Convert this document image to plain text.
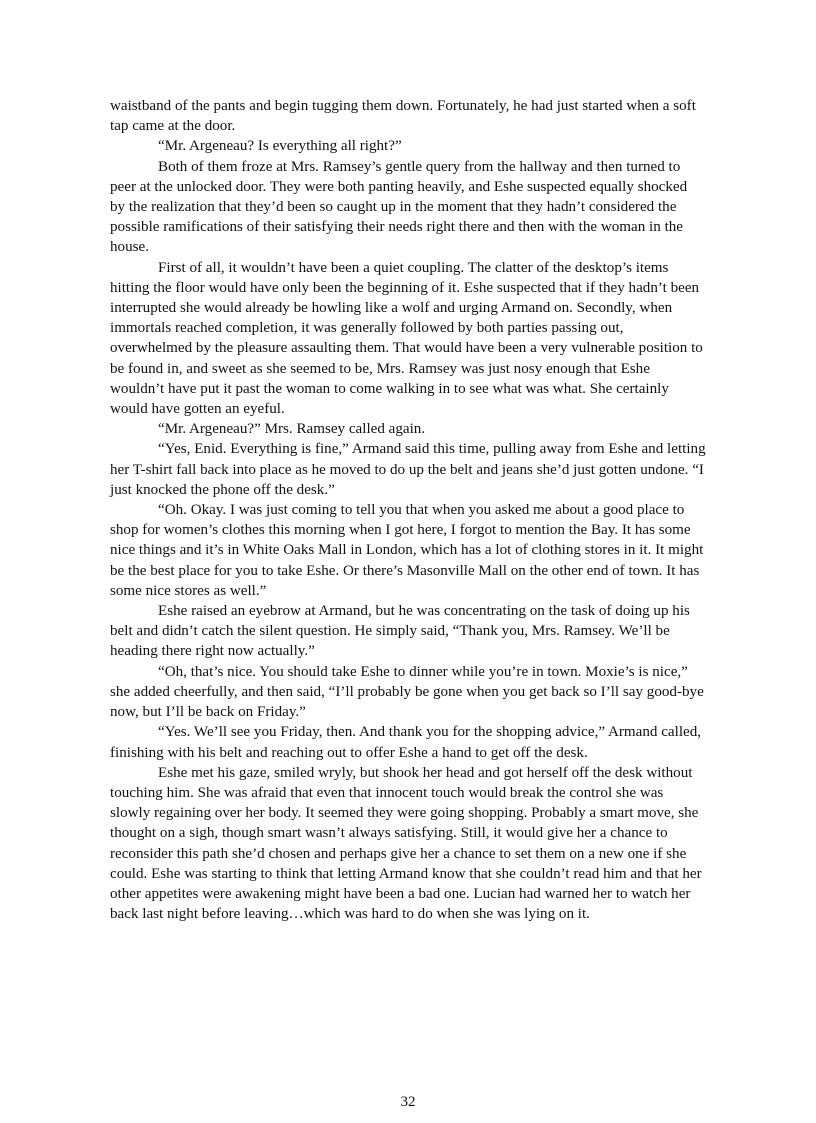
waistband of the pants and begin tugging them down. Fortunately, he had just started when a soft tap came at the door.

“Mr. Argeneau? Is everything all right?”

Both of them froze at Mrs. Ramsey’s gentle query from the hallway and then turned to peer at the unlocked door. They were both panting heavily, and Eshe suspected equally shocked by the realization that they’d been so caught up in the moment that they hadn’t considered the possible ramifications of their satisfying their needs right there and then with the woman in the house.

First of all, it wouldn’t have been a quiet coupling. The clatter of the desktop’s items hitting the floor would have only been the beginning of it. Eshe suspected that if they hadn’t been interrupted she would already be howling like a wolf and urging Armand on. Secondly, when immortals reached completion, it was generally followed by both parties passing out, overwhelmed by the pleasure assaulting them. That would have been a very vulnerable position to be found in, and sweet as she seemed to be, Mrs. Ramsey was just nosy enough that Eshe wouldn’t have put it past the woman to come walking in to see what was what. She certainly would have gotten an eyeful.

“Mr. Argeneau?” Mrs. Ramsey called again.

“Yes, Enid. Everything is fine,” Armand said this time, pulling away from Eshe and letting her T-shirt fall back into place as he moved to do up the belt and jeans she’d just gotten undone. “I just knocked the phone off the desk.”

“Oh. Okay. I was just coming to tell you that when you asked me about a good place to shop for women’s clothes this morning when I got here, I forgot to mention the Bay. It has some nice things and it’s in White Oaks Mall in London, which has a lot of clothing stores in it. It might be the best place for you to take Eshe. Or there’s Masonville Mall on the other end of town. It has some nice stores as well.”

Eshe raised an eyebrow at Armand, but he was concentrating on the task of doing up his belt and didn’t catch the silent question. He simply said, “Thank you, Mrs. Ramsey. We’ll be heading there right now actually.”

“Oh, that’s nice. You should take Eshe to dinner while you’re in town. Moxie’s is nice,” she added cheerfully, and then said, “I’ll probably be gone when you get back so I’ll say good-bye now, but I’ll be back on Friday.”

“Yes. We’ll see you Friday, then. And thank you for the shopping advice,” Armand called, finishing with his belt and reaching out to offer Eshe a hand to get off the desk.

Eshe met his gaze, smiled wryly, but shook her head and got herself off the desk without touching him. She was afraid that even that innocent touch would break the control she was slowly regaining over her body. It seemed they were going shopping. Probably a smart move, she thought on a sigh, though smart wasn’t always satisfying. Still, it would give her a chance to reconsider this path she’d chosen and perhaps give her a chance to set them on a new one if she could. Eshe was starting to think that letting Armand know that she couldn’t read him and that her other appetites were awakening might have been a bad one. Lucian had warned her to watch her back last night before leaving…which was hard to do when she was lying on it.

32
